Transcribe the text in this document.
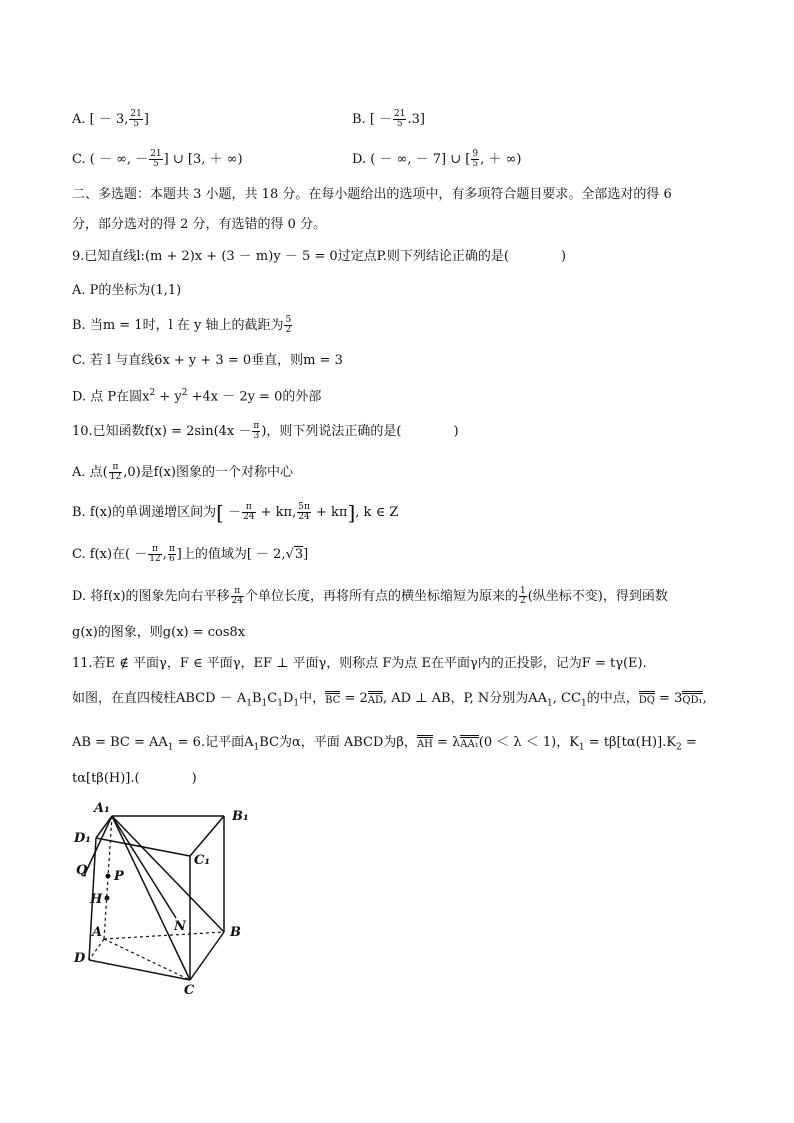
A. [ － 3, $\frac{21}{5}$ ]	B. [ － $\frac{21}{5} .3$]
C. ( － ∞, － $\frac{21}{5}$ ] ∪ [3, ＋ ∞)	D. ( － ∞, － 7] ∪ [ $\frac{9}{5}$ , ＋ ∞)
二、多选题：本题共 3 小题，共 18 分。在每小题给出的选项中，有多项符合题目要求。全部选对的得 6
分，部分选对的得 2 分，有选错的得 0 分。
9.已知直线l:(m + 2)x + (3 － m)y － 5 = 0过定点P.则下列结论正确的是(　　　　)
A. P的坐标为(1,1)
B. 当m = 1时，l 在 y 轴上的截距为 $\frac{5}{2}$
C. 若 l 与直线6x + y + 3 = 0垂直，则m = 3
D. 点 P在圆$x^2 + y^2 +4x - 2y = 0$的外部
10.已知函数$f(x) = 2\sin(4x - \frac{\pi}{3}$ )，则下列说法正确的是(　　　　)
A. 点( $\frac{\pi}{12} ,0$)是f(x)图象的一个对称中心
B. f(x)的单调递增区间为[ － $\frac{\pi}{24} + k\pi$, $\frac{5\pi}{24} + k\pi$], k ∈ Z
C. f(x)在( － $\frac{\pi}{12}$ , $\frac{\pi}{6}$ ]上的值域为[ － 2,√3]
D. 将f(x)的图象先向右平移 $\frac{\pi}{24}$ 个单位长度，再将所有点的横坐标缩短为原来的 $\frac{1}{2}$ (纵坐标不变)，得到函数
g(x)的图象，则g(x) = cos8x
11.若E ∉ 平面γ，F ∈ 平面γ，EF ⊥ 平面γ，则称点 F为点 E在平面γ内的正投影，记为F = tγ(E).
如图，在直四棱柱ABCD － $A_1B_1C_1D_1$中，BC = 2AD, AD ⊥ AB，P, N分别为$AA_1$, $CC_1$的中点，DQ = 3QD₁,
AB = BC = $AA_1 = 6$.记平面$A_1BC$为α，平面 ABCD为β，AH = λAA₁(0 ＜ λ ＜ 1)，$K_1 = t\beta[t\alpha(H)].K_2$ =
tα[tβ(H)].(　　　　)
A₁
B₁
D₁
C₁
Q P
H
A	N	B
D
C
